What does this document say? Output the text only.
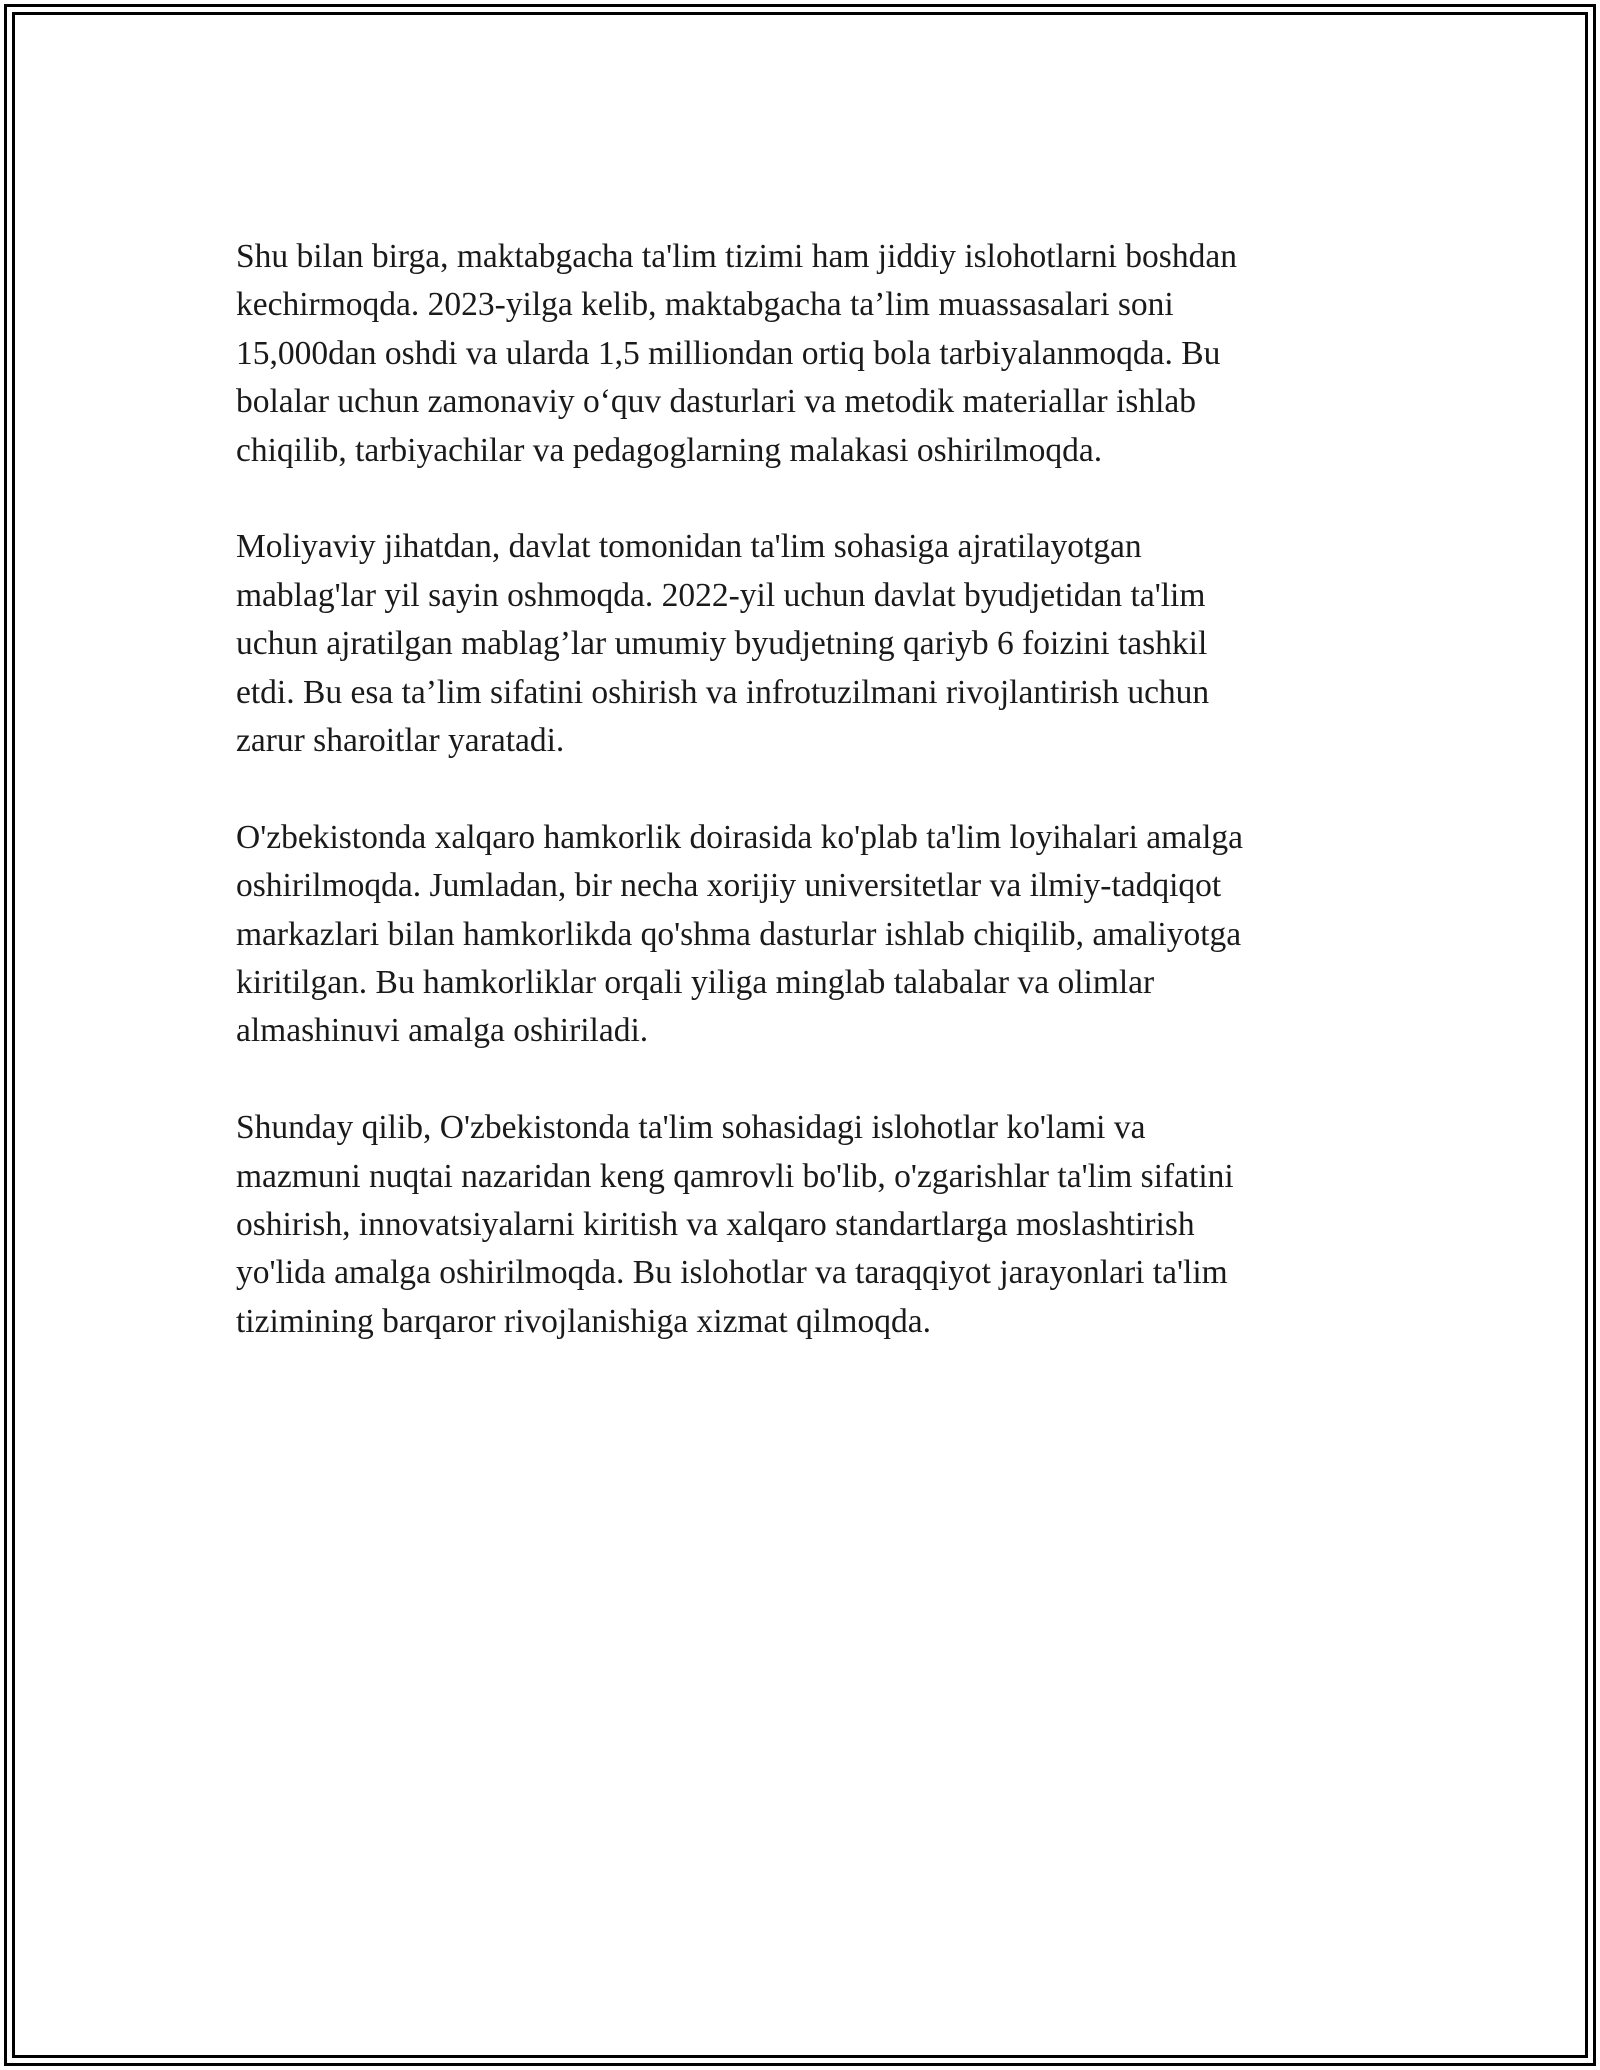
Shu bilan birga, maktabgacha ta'lim tizimi ham jiddiy islohotlarni boshdan
kechirmoqda. 2023-yilga kelib, maktabgacha ta’lim muassasalari soni
15,000dan oshdi va ularda 1,5 milliondan ortiq bola tarbiyalanmoqda. Bu
bolalar uchun zamonaviy o‘quv dasturlari va metodik materiallar ishlab
chiqilib, tarbiyachilar va pedagoglarning malakasi oshirilmoqda.

Moliyaviy jihatdan, davlat tomonidan ta'lim sohasiga ajratilayotgan
mablag'lar yil sayin oshmoqda. 2022-yil uchun davlat byudjetidan ta'lim
uchun ajratilgan mablag’lar umumiy byudjetning qariyb 6 foizini tashkil
etdi. Bu esa ta’lim sifatini oshirish va infrotuzilmani rivojlantirish uchun
zarur sharoitlar yaratadi.

O'zbekistonda xalqaro hamkorlik doirasida ko'plab ta'lim loyihalari amalga
oshirilmoqda. Jumladan, bir necha xorijiy universitetlar va ilmiy-tadqiqot
markazlari bilan hamkorlikda qo'shma dasturlar ishlab chiqilib, amaliyotga
kiritilgan. Bu hamkorliklar orqali yiliga minglab talabalar va olimlar
almashinuvi amalga oshiriladi.

Shunday qilib, O'zbekistonda ta'lim sohasidagi islohotlar ko'lami va
mazmuni nuqtai nazaridan keng qamrovli bo'lib, o'zgarishlar ta'lim sifatini
oshirish, innovatsiyalarni kiritish va xalqaro standartlarga moslashtirish
yo'lida amalga oshirilmoqda. Bu islohotlar va taraqqiyot jarayonlari ta'lim
tizimining barqaror rivojlanishiga xizmat qilmoqda.
